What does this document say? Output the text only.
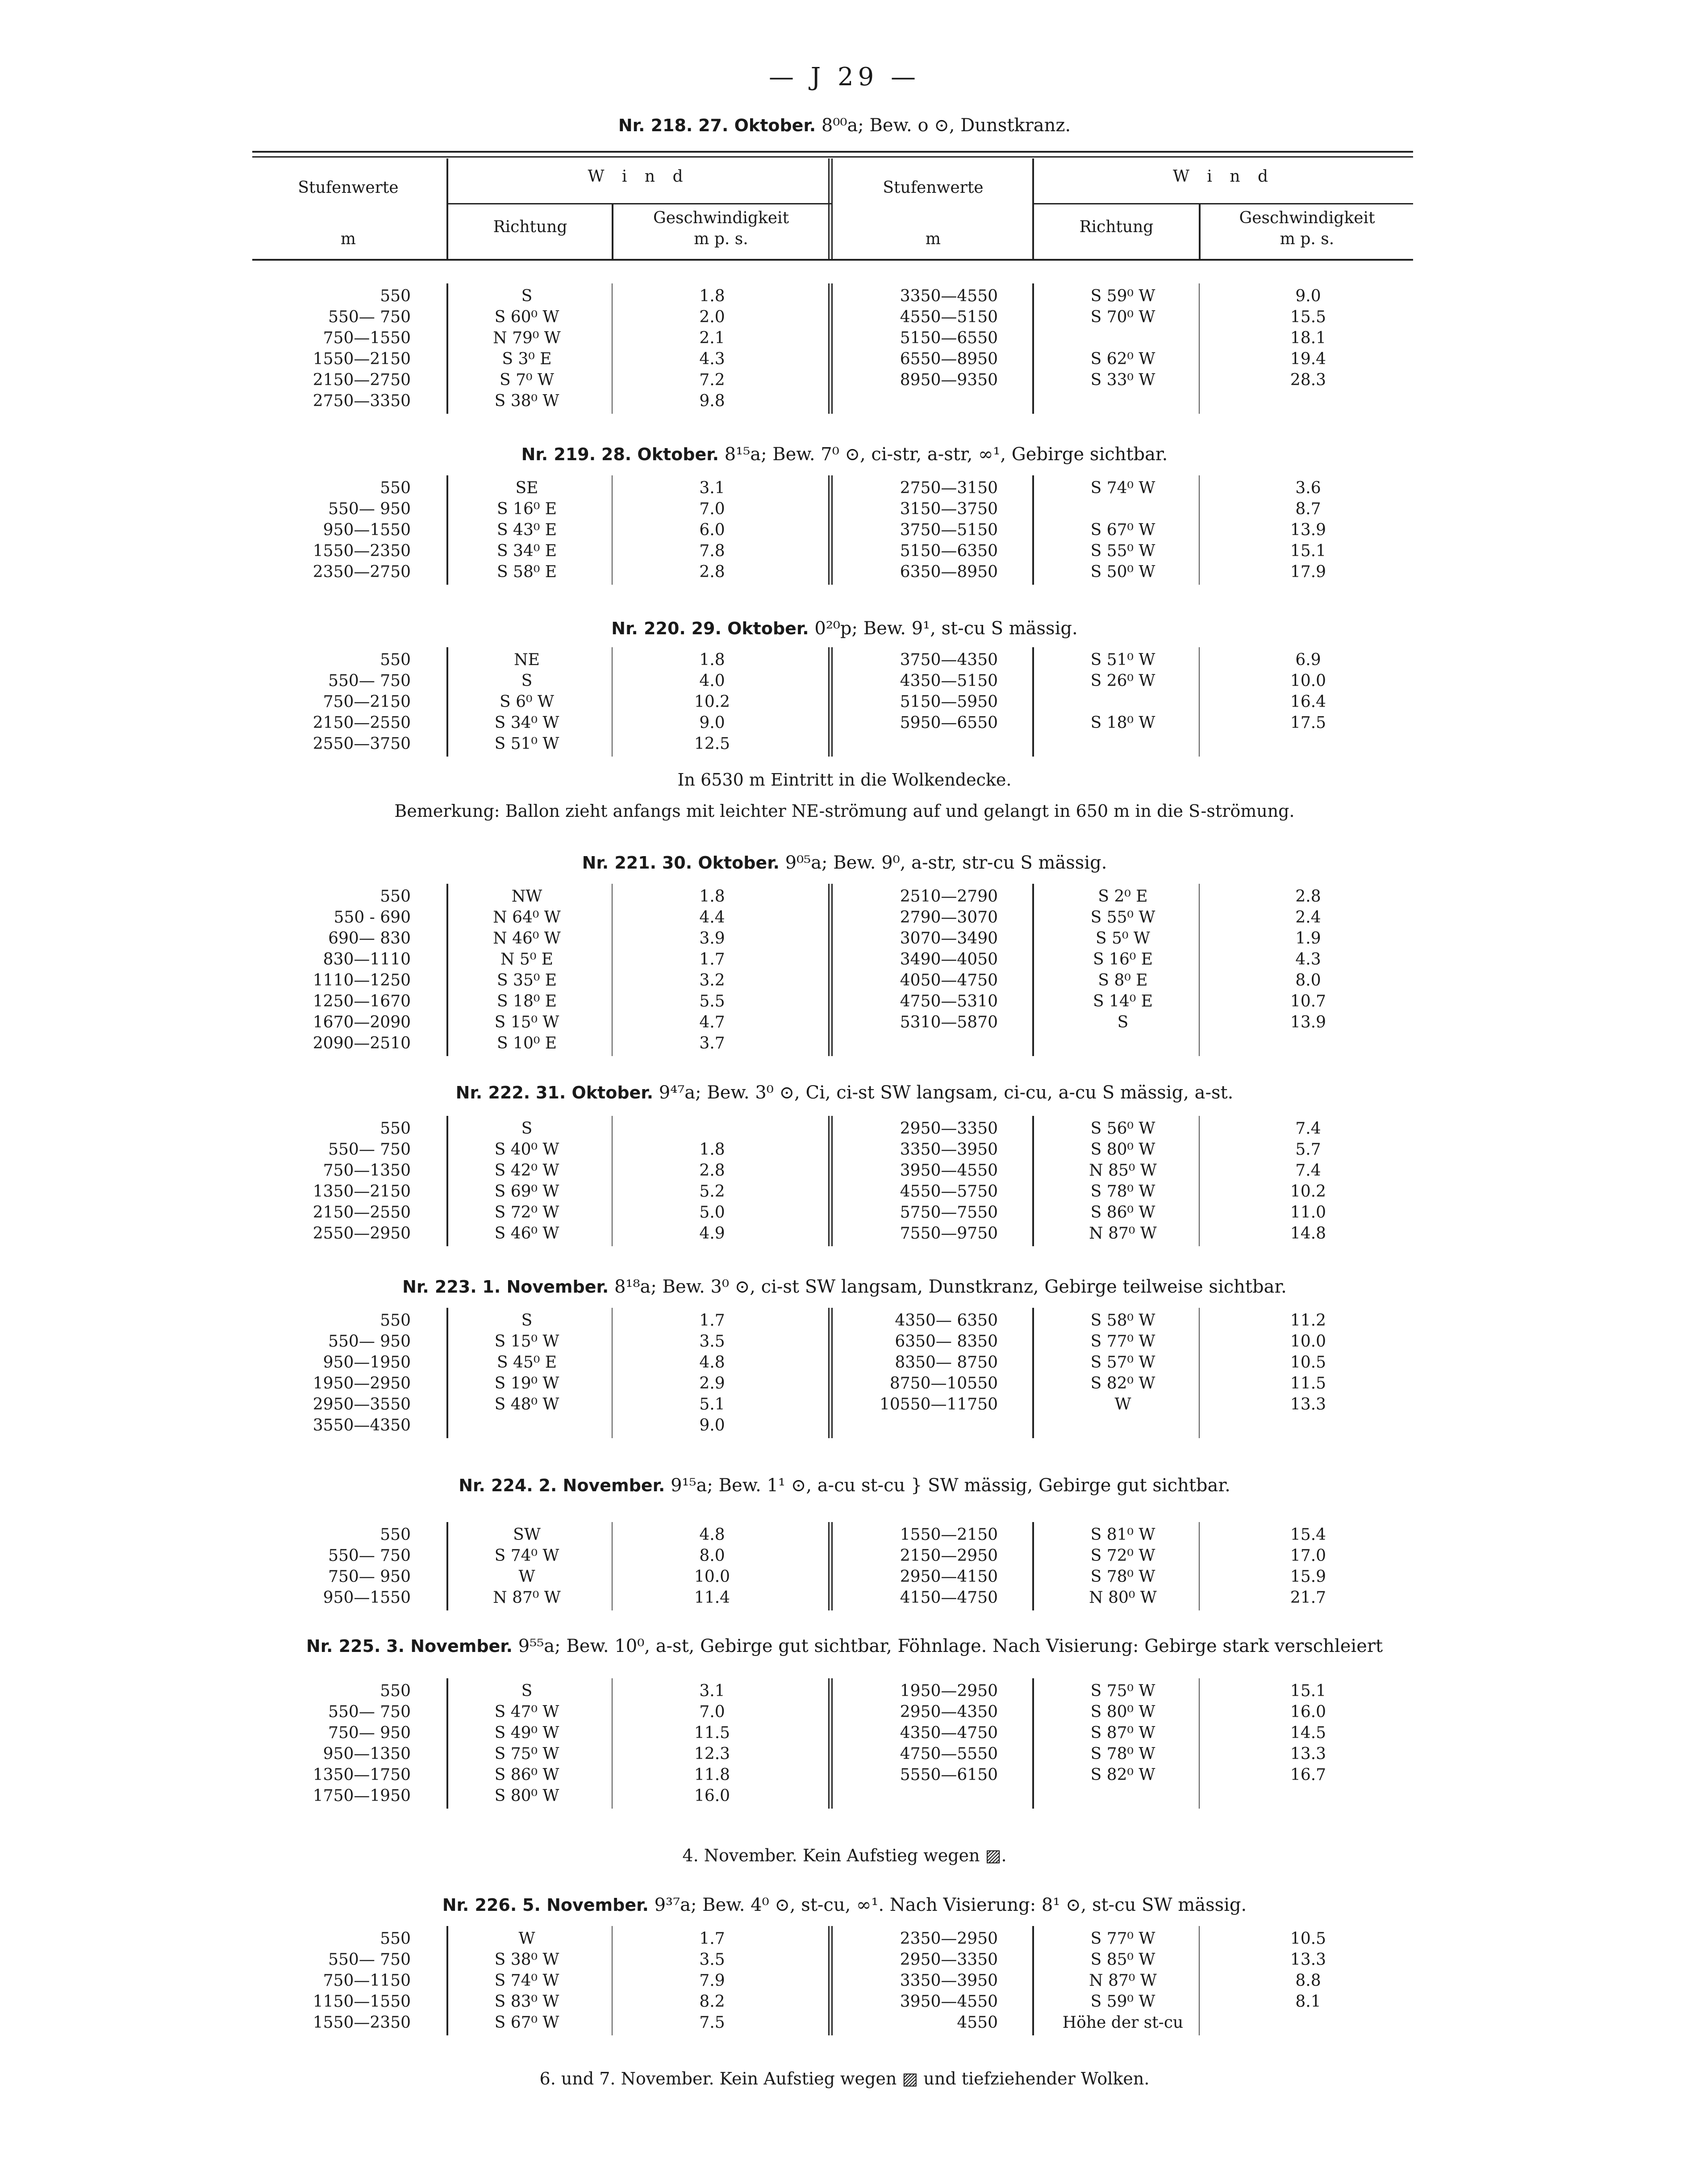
— J 29 —
Nr. 218. 27. Oktober. 8⁰⁰a; Bew. o ⊙, Dunstkranz.
Stufenwerte
m
W i n d
Richtung	Geschwindigkeit
m p. s.
Stufenwerte
m
W i n d
Richtung	Geschwindigkeit
m p. s.
550
550— 750
750—1550
1550—2150
2150—2750
2750—3350
S
S 60⁰ W
N 79⁰ W
S 3⁰ E
S 7⁰ W
S 38⁰ W
1.8
2.0
2.1
4.3
7.2
9.8
3350—4550
4550—5150
5150—6550
6550—8950
8950—9350
S 59⁰ W
S 70⁰ W
S 62⁰ W
S 33⁰ W
9.0
15.5
18.1
19.4
28.3
Nr. 219. 28. Oktober. 8¹⁵a; Bew. 7⁰ ⊙, ci-str, a-str, ∞¹, Gebirge sichtbar.
550
550— 950
950—1550
1550—2350
2350—2750
SE
S 16⁰ E
S 43⁰ E
S 34⁰ E
S 58⁰ E
3.1
7.0
6.0
7.8
2.8
2750—3150
3150—3750
3750—5150
5150—6350
6350—8950
S 74⁰ W
S 67⁰ W
S 55⁰ W
S 50⁰ W
3.6
8.7
13.9
15.1
17.9
Nr. 220. 29. Oktober. 0²⁰p; Bew. 9¹, st-cu S mässig.
550
550— 750
750—2150
2150—2550
2550—3750
NE
S
S 6⁰ W
S 34⁰ W
S 51⁰ W
1.8
4.0
10.2
9.0
12.5
3750—4350
4350—5150
5150—5950
5950—6550
S 51⁰ W
S 26⁰ W
S 18⁰ W
6.9
10.0
16.4
17.5
In 6530 m Eintritt in die Wolkendecke.
Bemerkung: Ballon zieht anfangs mit leichter NE-strömung auf und gelangt in 650 m in die S-strömung.
Nr. 221. 30. Oktober. 9⁰⁵a; Bew. 9⁰, a-str, str-cu S mässig.
550
550 - 690
690— 830
830—1110
1110—1250
1250—1670
1670—2090
2090—2510
NW
N 64⁰ W
N 46⁰ W
N 5⁰ E
S 35⁰ E
S 18⁰ E
S 15⁰ W
S 10⁰ E
1.8
4.4
3.9
1.7
3.2
5.5
4.7
3.7
2510—2790
2790—3070
3070—3490
3490—4050
4050—4750
4750—5310
5310—5870
S 2⁰ E
S 55⁰ W
S 5⁰ W
S 16⁰ E
S 8⁰ E
S 14⁰ E
S
2.8
2.4
1.9
4.3
8.0
10.7
13.9
Nr. 222. 31. Oktober. 9⁴⁷a; Bew. 3⁰ ⊙, Ci, ci-st SW langsam, ci-cu, a-cu S mässig, a-st.
550
550— 750
750—1350
1350—2150
2150—2550
2550—2950
S
S 40⁰ W
S 42⁰ W
S 69⁰ W
S 72⁰ W
S 46⁰ W
1.8
2.8
5.2
5.0
4.9
2950—3350
3350—3950
3950—4550
4550—5750
5750—7550
7550—9750
S 56⁰ W
S 80⁰ W
N 85⁰ W
S 78⁰ W
S 86⁰ W
N 87⁰ W
7.4
5.7
7.4
10.2
11.0
14.8
Nr. 223. 1. November. 8¹⁸a; Bew. 3⁰ ⊙, ci-st SW langsam, Dunstkranz, Gebirge teilweise sichtbar.
550
550— 950
950—1950
1950—2950
2950—3550
3550—4350
S
S 15⁰ W
S 45⁰ E
S 19⁰ W
S 48⁰ W
1.7
3.5
4.8
2.9
5.1
9.0
4350— 6350
6350— 8350
8350— 8750
8750—10550
10550—11750
S 58⁰ W
S 77⁰ W
S 57⁰ W
S 82⁰ W
W
11.2
10.0
10.5
11.5
13.3
Nr. 224. 2. November. 9¹⁵a; Bew. 1¹ ⊙, a-cu st-cu } SW mässig, Gebirge gut sichtbar.
550
550— 750
750— 950
950—1550
SW
S 74⁰ W
W
N 87⁰ W
4.8
8.0
10.0
11.4
1550—2150
2150—2950
2950—4150
4150—4750
S 81⁰ W
S 72⁰ W
S 78⁰ W
N 80⁰ W
15.4
17.0
15.9
21.7
Nr. 225. 3. November. 9⁵⁵a; Bew. 10⁰, a-st, Gebirge gut sichtbar, Föhnlage. Nach Visierung: Gebirge stark verschleiert
550
550— 750
750— 950
950—1350
1350—1750
1750—1950
S
S 47⁰ W
S 49⁰ W
S 75⁰ W
S 86⁰ W
S 80⁰ W
3.1
7.0
11.5
12.3
11.8
16.0
1950—2950
2950—4350
4350—4750
4750—5550
5550—6150
S 75⁰ W
S 80⁰ W
S 87⁰ W
S 78⁰ W
S 82⁰ W
15.1
16.0
14.5
13.3
16.7
4. November. Kein Aufstieg wegen ▨.
Nr. 226. 5. November. 9³⁷a; Bew. 4⁰ ⊙, st-cu, ∞¹. Nach Visierung: 8¹ ⊙, st-cu SW mässig.
550
550— 750
750—1150
1150—1550
1550—2350
W
S 38⁰ W
S 74⁰ W
S 83⁰ W
S 67⁰ W
1.7
3.5
7.9
8.2
7.5
2350—2950
2950—3350
3350—3950
3950—4550
4550
S 77⁰ W
S 85⁰ W
N 87⁰ W
S 59⁰ W
Höhe der st-cu
10.5
13.3
8.8
8.1
6. und 7. November. Kein Aufstieg wegen ▨ und tiefziehender Wolken.
